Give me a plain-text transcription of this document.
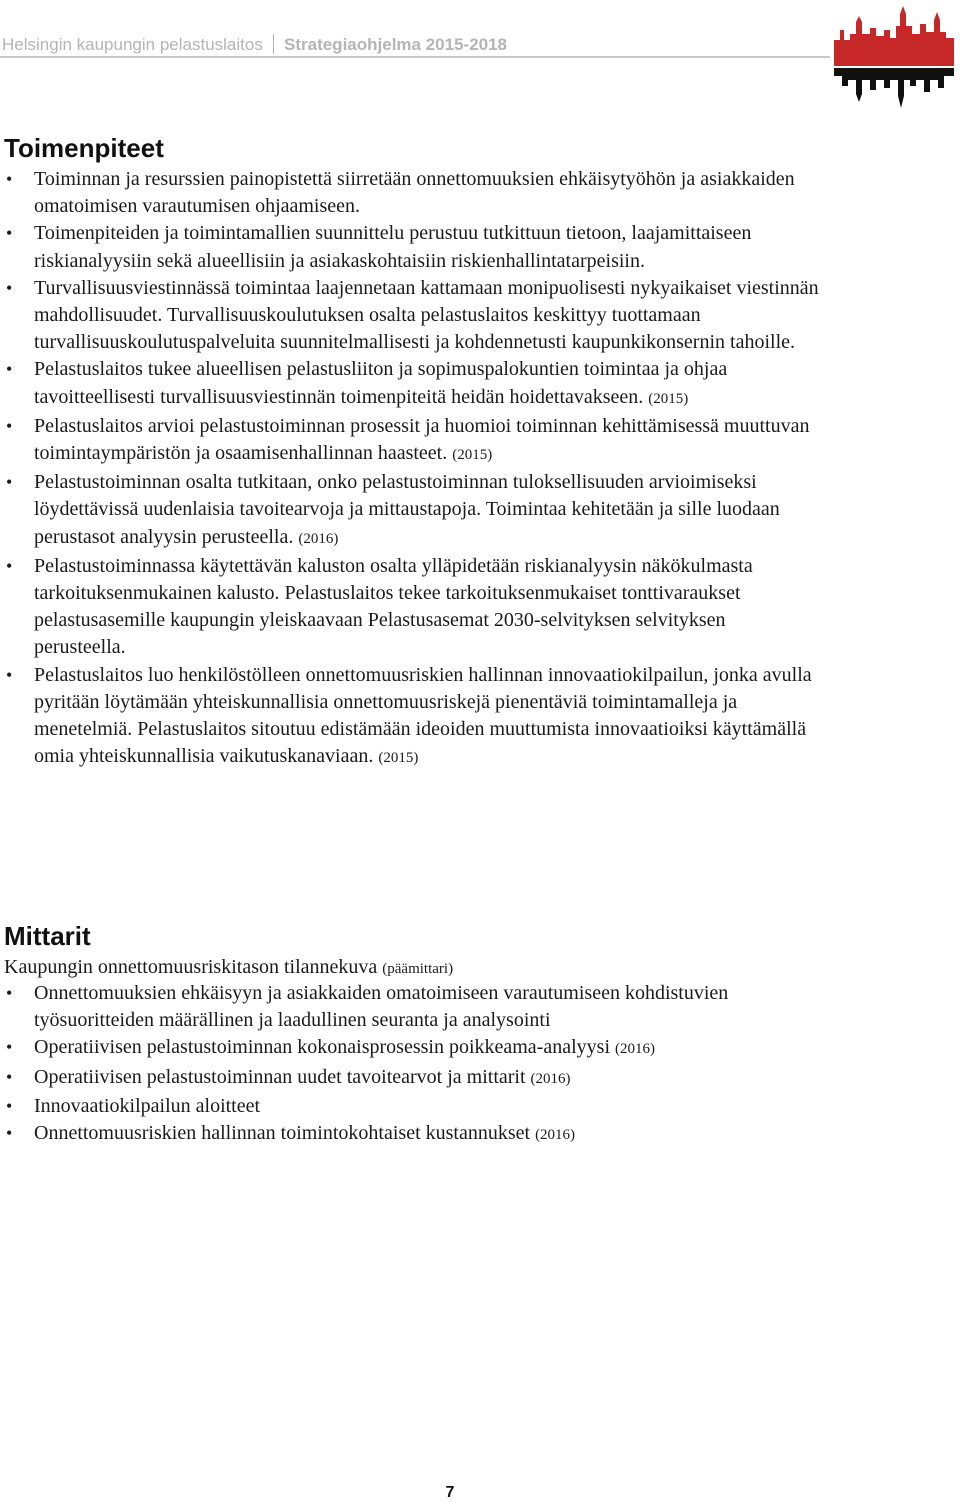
Helsingin kaupungin pelastuslaitos Strategiaohjelma 2015-2018
Toimenpiteet
• Toiminnan ja resurssien painopistettä siirretään onnettomuuksien ehkäisytyöhön ja asiakkaiden omatoimisen varautumisen ohjaamiseen.
• Toimenpiteiden ja toimintamallien suunnittelu perustuu tutkittuun tietoon, laajamittaiseen riskianalyysiin sekä alueellisiin ja asiakaskohtaisiin riskienhallintatarpeisiin.
• Turvallisuusviestinnässä toimintaa laajennetaan kattamaan monipuolisesti nykyaikaiset viestinnän mahdollisuudet. Turvallisuuskoulutuksen osalta pelastuslaitos keskittyy tuottamaan turvallisuuskoulutuspalveluita suunnitelmallisesti ja kohdennetusti kaupunkikonsernin tahoille.
• Pelastuslaitos tukee alueellisen pelastusliiton ja sopimuspalokuntien toimintaa ja ohjaa tavoitteellisesti turvallisuusviestinnän toimenpiteitä heidän hoidettavakseen. (2015)
• Pelastuslaitos arvioi pelastustoiminnan prosessit ja huomioi toiminnan kehittämisessä muuttuvan toimintaympäristön ja osaamisenhallinnan haasteet. (2015)
• Pelastustoiminnan osalta tutkitaan, onko pelastustoiminnan tuloksellisuuden arvioimiseksi löydettävissä uudenlaisia tavoitearvoja ja mittaustapoja. Toimintaa kehitetään ja sille luodaan perustasot analyysin perusteella. (2016)
• Pelastustoiminnassa käytettävän kaluston osalta ylläpidetään riskianalyysin näkökulmasta tarkoituksenmukainen kalusto. Pelastuslaitos tekee tarkoituksenmukaiset tonttivaraukset pelastusasemille kaupungin yleiskaavaan Pelastusasemat 2030-selvityksen selvityksen perusteella.
• Pelastuslaitos luo henkilöstölleen onnettomuusriskien hallinnan innovaatiokilpailun, jonka avulla pyritään löytämään yhteiskunnallisia onnettomuusriskejä pienentäviä toimintamalleja ja menetelmiä. Pelastuslaitos sitoutuu edistämään ideoiden muuttumista innovaatioiksi käyttämällä omia yhteiskunnallisia vaikutuskanaviaan. (2015)
Mittarit

Kaupungin onnettomuusriskitason tilannekuva (päämittari)

• Onnettomuuksien ehkäisyyn ja asiakkaiden omatoimiseen varautumiseen kohdistuvien työsuoritteiden määrällinen ja laadullinen seuranta ja analysointi
• Operatiivisen pelastustoiminnan kokonaisprosessin poikkeama-analyysi (2016)
• Operatiivisen pelastustoiminnan uudet tavoitearvot ja mittarit (2016)
• Innovaatiokilpailun aloitteet
• Onnettomuusriskien hallinnan toimintokohtaiset kustannukset (2016)
7
